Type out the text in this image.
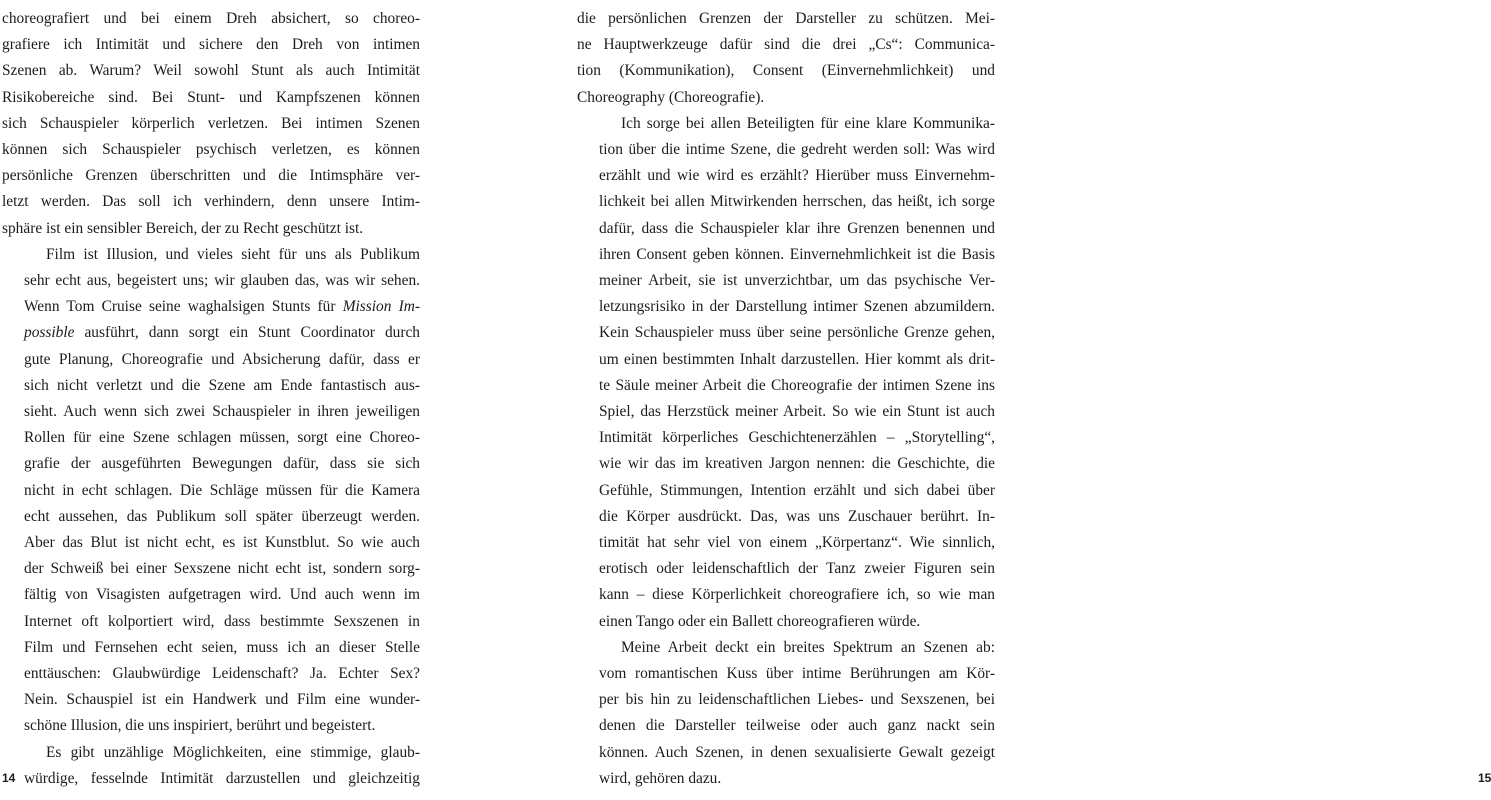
choreografiert und bei einem Dreh absichert, so choreo-
grafiere ich Intimität und sichere den Dreh von intimen
Szenen ab. Warum? Weil sowohl Stunt als auch Intimität
Risikobereiche sind. Bei Stunt- und Kampfszenen können
sich Schauspieler körperlich verletzen. Bei intimen Szenen
können sich Schauspieler psychisch verletzen, es können
persönliche Grenzen überschritten und die Intimsphäre ver-
letzt werden. Das soll ich verhindern, denn unsere Intim-
sphäre ist ein sensibler Bereich, der zu Recht geschützt ist.

Film ist Illusion, und vieles sieht für uns als Publikum
sehr echt aus, begeistert uns; wir glauben das, was wir sehen.
Wenn Tom Cruise seine waghalsigen Stunts für Mission Im-
possible ausführt, dann sorgt ein Stunt Coordinator durch
gute Planung, Choreografie und Absicherung dafür, dass er
sich nicht verletzt und die Szene am Ende fantastisch aus-
sieht. Auch wenn sich zwei Schauspieler in ihren jeweiligen
Rollen für eine Szene schlagen müssen, sorgt eine Choreo-
grafie der ausgeführten Bewegungen dafür, dass sie sich
nicht in echt schlagen. Die Schläge müssen für die Kamera
echt aussehen, das Publikum soll später überzeugt werden.
Aber das Blut ist nicht echt, es ist Kunstblut. So wie auch
der Schweiß bei einer Sexszene nicht echt ist, sondern sorg-
fältig von Visagisten aufgetragen wird. Und auch wenn im
Internet oft kolportiert wird, dass bestimmte Sexszenen in
Film und Fernsehen echt seien, muss ich an dieser Stelle
enttäuschen: Glaubwürdige Leidenschaft? Ja. Echter Sex?
Nein. Schauspiel ist ein Handwerk und Film eine wunder-
schöne Illusion, die uns inspiriert, berührt und begeistert.

Es gibt unzählige Möglichkeiten, eine stimmige, glaub-
würdige, fesselnde Intimität darzustellen und gleichzeitig

14	15

die persönlichen Grenzen der Darsteller zu schützen. Mei-
ne Hauptwerkzeuge dafür sind die drei „Cs“: Communica-
tion (Kommunikation), Consent (Einvernehmlichkeit) und
Choreography (Choreografie).

Ich sorge bei allen Beteiligten für eine klare Kommunika-
tion über die intime Szene, die gedreht werden soll: Was wird
erzählt und wie wird es erzählt? Hierüber muss Einvernehm-
lichkeit bei allen Mitwirkenden herrschen, das heißt, ich sorge
dafür, dass die Schauspieler klar ihre Grenzen benennen und
ihren Consent geben können. Einvernehmlichkeit ist die Basis
meiner Arbeit, sie ist unverzichtbar, um das psychische Ver-
letzungsrisiko in der Darstellung intimer Szenen abzumildern.
Kein Schauspieler muss über seine persönliche Grenze gehen,
um einen bestimmten Inhalt darzustellen. Hier kommt als drit-
te Säule meiner Arbeit die Choreografie der intimen Szene ins
Spiel, das Herzstück meiner Arbeit. So wie ein Stunt ist auch
Intimität körperliches Geschichtenerzählen – „Storytelling“,
wie wir das im kreativen Jargon nennen: die Geschichte, die
Gefühle, Stimmungen, Intention erzählt und sich dabei über
die Körper ausdrückt. Das, was uns Zuschauer berührt. In-
timität hat sehr viel von einem „Körpertanz“. Wie sinnlich,
erotisch oder leidenschaftlich der Tanz zweier Figuren sein
kann – diese Körperlichkeit choreografiere ich, so wie man
einen Tango oder ein Ballett choreografieren würde.

Meine Arbeit deckt ein breites Spektrum an Szenen ab:
vom romantischen Kuss über intime Berührungen am Kör-
per bis hin zu leidenschaftlichen Liebes- und Sexszenen, bei
denen die Darsteller teilweise oder auch ganz nackt sein
können. Auch Szenen, in denen sexualisierte Gewalt gezeigt
wird, gehören dazu.
